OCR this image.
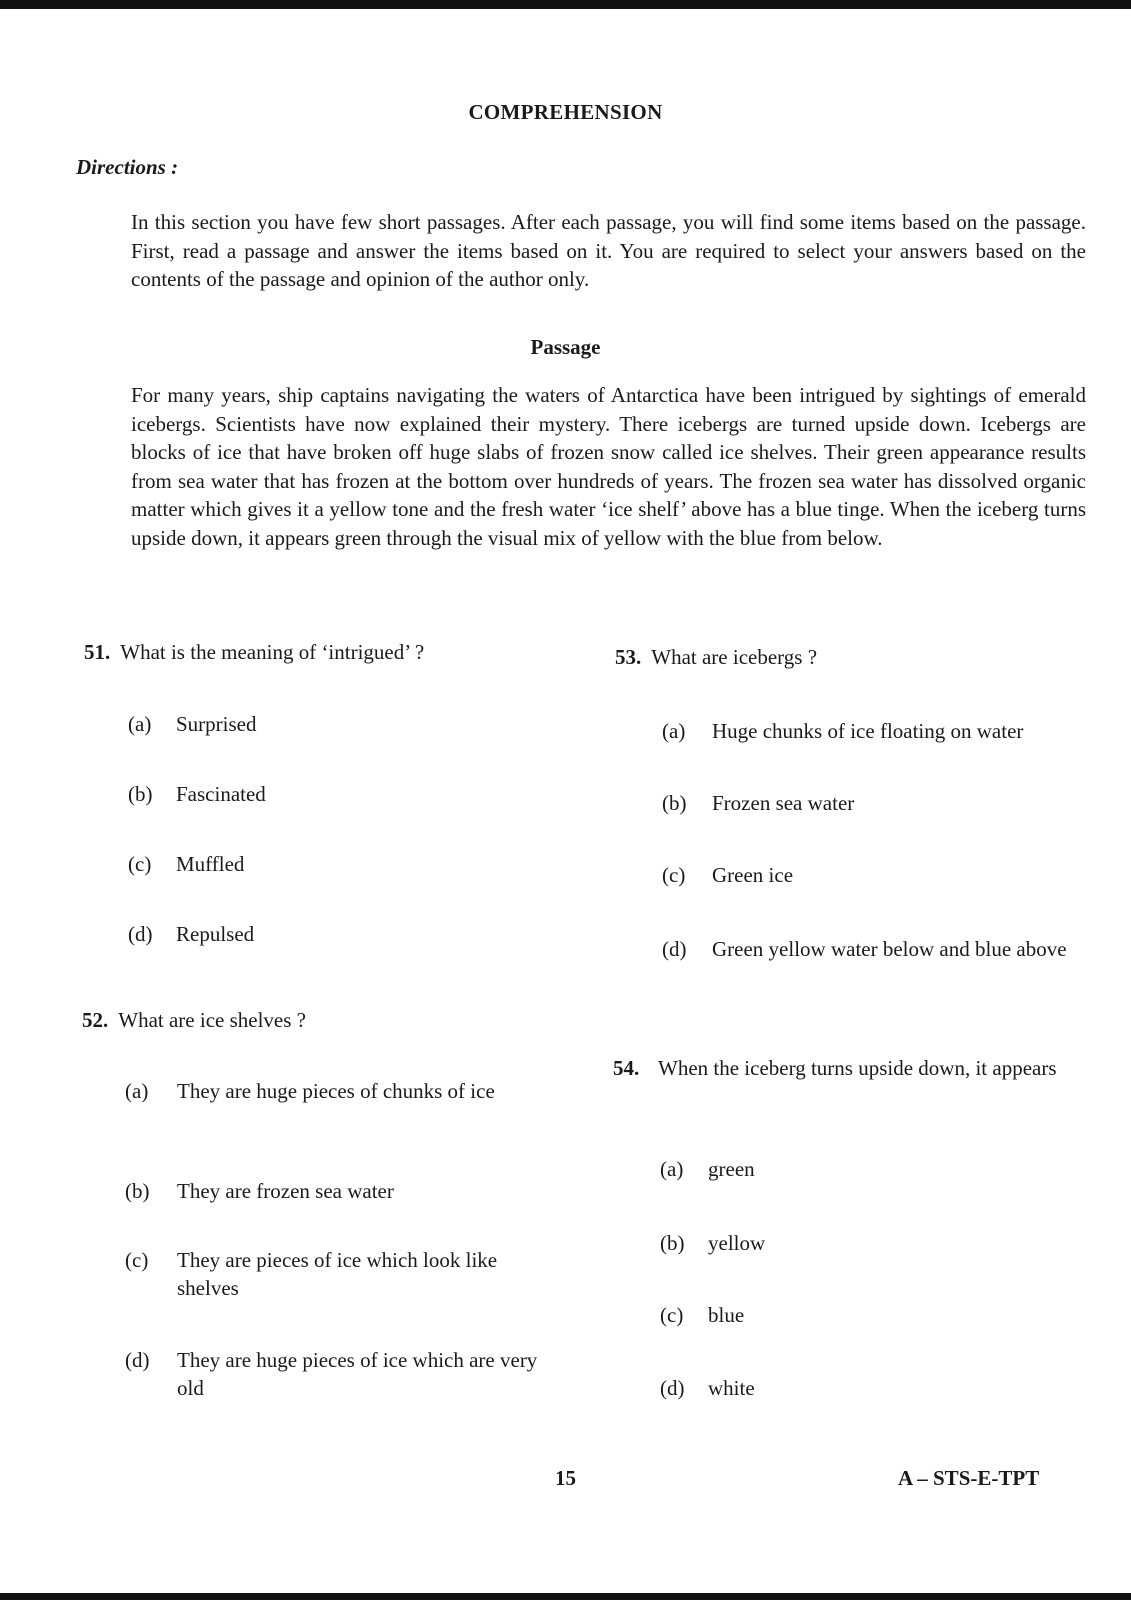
COMPREHENSION
Directions :
In this section you have few short passages. After each passage, you will find some items based on the passage. First, read a passage and answer the items based on it. You are required to select your answers based on the contents of the passage and opinion of the author only.
Passage
For many years, ship captains navigating the waters of Antarctica have been intrigued by sightings of emerald icebergs. Scientists have now explained their mystery. There icebergs are turned upside down. Icebergs are blocks of ice that have broken off huge slabs of frozen snow called ice shelves. Their green appearance results from sea water that has frozen at the bottom over hundreds of years. The frozen sea water has dissolved organic matter which gives it a yellow tone and the fresh water ‘ice shelf’ above has a blue tinge. When the iceberg turns upside down, it appears green through the visual mix of yellow with the blue from below.
51. What is the meaning of ‘intrigued’ ?
(a) Surprised
(b) Fascinated
(c) Muffled
(d) Repulsed
52. What are ice shelves ?
(a) They are huge pieces of chunks of ice
(b) They are frozen sea water
(c) They are pieces of ice which look like shelves
(d) They are huge pieces of ice which are very old
53. What are icebergs ?
(a) Huge chunks of ice floating on water
(b) Frozen sea water
(c) Green ice
(d) Green yellow water below and blue above
54. When the iceberg turns upside down, it appears
(a) green
(b) yellow
(c) blue
(d) white
15	A – STS-E-TPT
